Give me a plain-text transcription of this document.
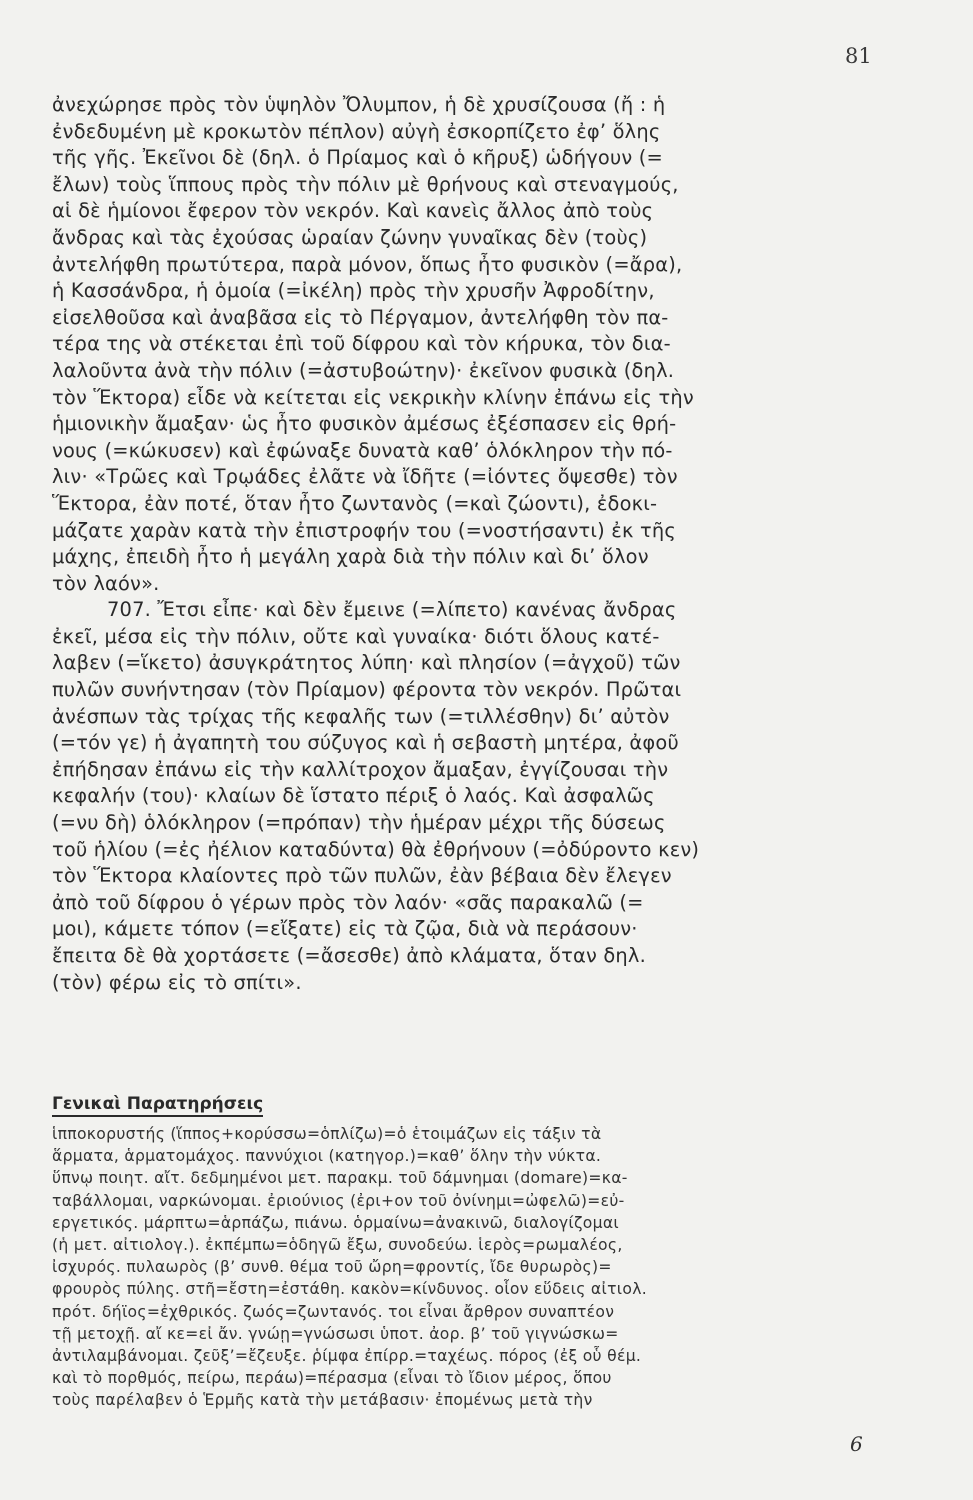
81
ἀνεχώρησε πρὸς τὸν ὑψηλὸν Ὄλυμπον, ἡ δὲ χρυσίζουσα (ἤ : ἡ
ἐνδεδυμένη μὲ κροκωτὸν πέπλον) αὐγὴ ἐσκορπίζετο ἐφ’ ὅλης
τῆς γῆς. Ἐκεῖνοι δὲ (δηλ. ὁ Πρίαμος καὶ ὁ κῆρυξ) ὡδήγουν (=
ἔλων) τοὺς ἵππους πρὸς τὴν πόλιν μὲ θρήνους καὶ στεναγμούς,
αἱ δὲ ἡμίονοι ἔφερον τὸν νεκρόν. Καὶ κανεὶς ἄλλος ἀπὸ τοὺς
ἄνδρας καὶ τὰς ἐχούσας ὡραίαν ζώνην γυναῖκας δὲν (τοὺς)
ἀντελήφθη πρωτύτερα, παρὰ μόνον, ὅπως ἦτο φυσικὸν (=ἄρα),
ἡ Κασσάνδρα, ἡ ὁμοία (=ἰκέλη) πρὸς τὴν χρυσῆν Ἀφροδίτην,
εἰσελθοῦσα καὶ ἀναβᾶσα εἰς τὸ Πέργαμον, ἀντελήφθη τὸν πα-
τέρα της νὰ στέκεται ἐπὶ τοῦ δίφρου καὶ τὸν κήρυκα, τὸν δια-
λαλοῦντα ἀνὰ τὴν πόλιν (=ἀστυβοώτην)· ἐκεῖνον φυσικὰ (δηλ.
τὸν Ἕκτορα) εἶδε νὰ κείτεται εἰς νεκρικὴν κλίνην ἐπάνω εἰς τὴν
ἡμιονικὴν ἄμαξαν· ὡς ἦτο φυσικὸν ἀμέσως ἐξέσπασεν εἰς θρή-
νους (=κώκυσεν) καὶ ἐφώναξε δυνατὰ καθ’ ὁλόκληρον τὴν πό-
λιν· «Τρῶες καὶ Τρῳάδες ἐλᾶτε νὰ ἴδῆτε (=ἰόντες ὄψεσθε) τὸν
Ἕκτορα, ἐὰν ποτέ, ὅταν ἦτο ζωντανὸς (=καὶ ζώοντι), ἐδοκι-
μάζατε χαρὰν κατὰ τὴν ἐπιστροφήν του (=νοστήσαντι) ἐκ τῆς
μάχης, ἐπειδὴ ἦτο ἡ μεγάλη χαρὰ διὰ τὴν πόλιν καὶ δι’ ὅλον
τὸν λαόν».
707. Ἔτσι εἶπε· καὶ δὲν ἔμεινε (=λίπετο) κανένας ἄνδρας
ἐκεῖ, μέσα εἰς τὴν πόλιν, οὔτε καὶ γυναίκα· διότι ὅλους κατέ-
λαβεν (=ἵκετο) ἀσυγκράτητος λύπη· καὶ πλησίον (=ἀγχοῦ) τῶν
πυλῶν συνήντησαν (τὸν Πρίαμον) φέροντα τὸν νεκρόν. Πρῶται
ἀνέσπων τὰς τρίχας τῆς κεφαλῆς των (=τιλλέσθην) δι’ αὐτὸν
(=τόν γε) ἡ ἀγαπητὴ του σύζυγος καὶ ἡ σεβαστὴ μητέρα, ἀφοῦ
ἐπήδησαν ἐπάνω εἰς τὴν καλλίτροχον ἄμαξαν, ἐγγίζουσαι τὴν
κεφαλήν (του)· κλαίων δὲ ἵστατο πέριξ ὁ λαός. Καὶ ἀσφαλῶς
(=νυ δὴ) ὁλόκληρον (=πρόπαν) τὴν ἡμέραν μέχρι τῆς δύσεως
τοῦ ἡλίου (=ἐς ἠέλιον καταδύντα) θὰ ἐθρήνουν (=ὀδύροντο κεν)
τὸν Ἕκτορα κλαίοντες πρὸ τῶν πυλῶν, ἐὰν βέβαια δὲν ἔλεγεν
ἀπὸ τοῦ δίφρου ὁ γέρων πρὸς τὸν λαόν· «σᾶς παρακαλῶ (=
μοι), κάμετε τόπον (=εἴξατε) εἰς τὰ ζῷα, διὰ νὰ περάσουν·
ἔπειτα δὲ θὰ χορτάσετε (=ἄσεσθε) ἀπὸ κλάματα, ὅταν δηλ.
(τὸν) φέρω εἰς τὸ σπίτι».
Γενικαὶ Παρατηρήσεις
ἱπποκορυστής (ἵππος+κορύσσω=ὁπλίζω)=ὁ ἑτοιμάζων εἰς τάξιν τὰ
ἅρματα, ἁρματομάχος. παννύχιοι (κατηγορ.)=καθ’ ὅλην τὴν νύκτα.
ὕπνῳ ποιητ. αἴτ. δεδμημένοι μετ. παρακμ. τοῦ δάμνημαι (domare)=κα-
ταβάλλομαι, ναρκώνομαι. ἐριούνιος (ἐρι+ον τοῦ ὀνίνημι=ὠφελῶ)=εὐ-
εργετικός. μάρπτω=ἁρπάζω, πιάνω. ὁρμαίνω=ἀνακινῶ, διαλογίζομαι
(ἡ μετ. αἰτιολογ.). ἐκπέμπω=ὁδηγῶ ἔξω, συνοδεύω. ἱερὸς=ρωμαλέος,
ἰσχυρός. πυλαωρὸς (β’ συνθ. θέμα τοῦ ὤρη=φροντίς, ἴδε θυρωρὸς)=
φρουρὸς πύλης. στῆ=ἔστη=ἐστάθη. κακὸν=κίνδυνος. οἷον εὕδεις αἰτιολ.
πρότ. δήϊος=ἐχθρικός. ζωός=ζωντανός. τοι εἶναι ἄρθρον συναπτέον
τῇ μετοχῇ. αἴ κε=εἰ ἄν. γνώῃ=γνώσωσι ὑποτ. ἀορ. β’ τοῦ γιγνώσκω=
ἀντιλαμβάνομαι. ζεῦξ’=ἔζευξε. ῥίμφα ἐπίρρ.=ταχέως. πόρος (ἐξ οὗ θέμ.
καὶ τὸ πορθμός, πείρω, περάω)=πέρασμα (εἶναι τὸ ἴδιον μέρος, ὅπου
τοὺς παρέλαβεν ὁ Ἑρμῆς κατὰ τὴν μετάβασιν· ἐπομένως μετὰ τὴν
6
